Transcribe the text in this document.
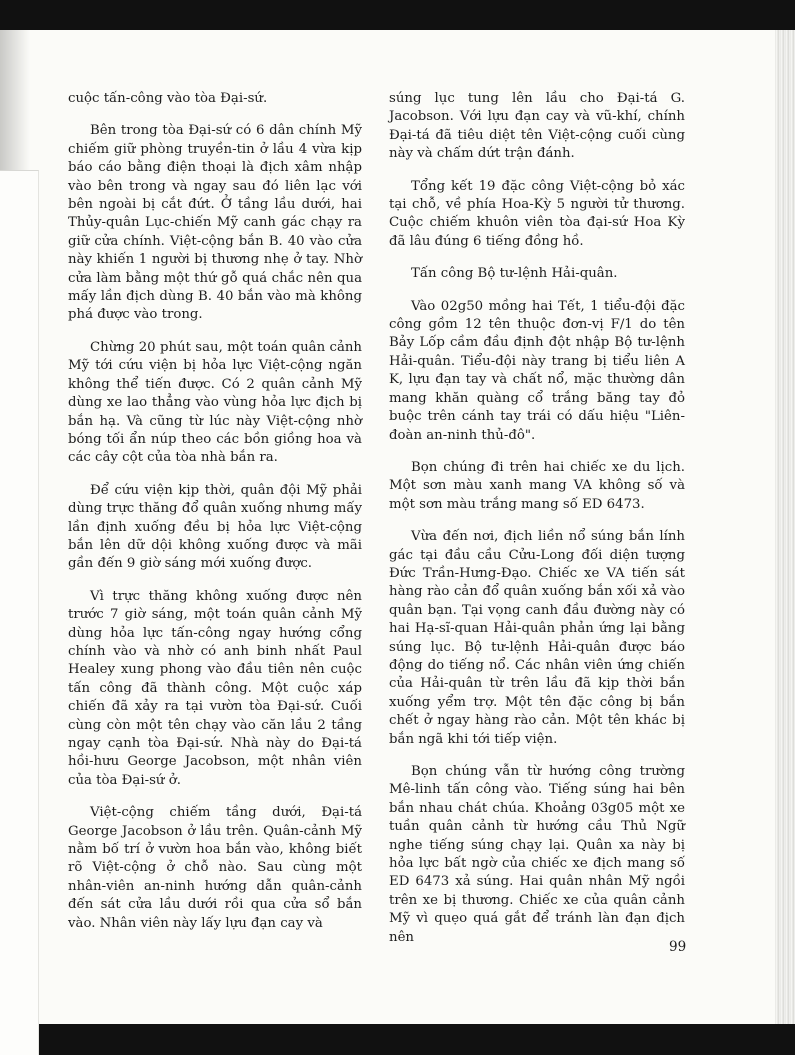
cuộc tấn-công vào tòa Đại-sứ.

Bên trong tòa Đại-sứ có 6 dân chính Mỹ chiếm giữ phòng truyền-tin ở lầu 4 vừa kịp báo cáo bằng điện thoại là địch xâm nhập vào bên trong và ngay sau đó liên lạc với bên ngoài bị cắt đứt. Ở tầng lầu dưới, hai Thủy-quân Lục-chiến Mỹ canh gác chạy ra giữ cửa chính. Việt-cộng bắn B. 40 vào cửa này khiến 1 người bị thương nhẹ ở tay. Nhờ cửa làm bằng một thứ gỗ quá chắc nên qua mấy lần địch dùng B. 40 bắn vào mà không phá được vào trong.

Chừng 20 phút sau, một toán quân cảnh Mỹ tới cứu viện bị hỏa lực Việt-cộng ngăn không thể tiến được. Có 2 quân cảnh Mỹ dùng xe lao thẳng vào vùng hỏa lực địch bị bắn hạ. Và cũng từ lúc này Việt-cộng nhờ bóng tối ẩn núp theo các bồn giồng hoa và các cây cột của tòa nhà bắn ra.

Để cứu viện kịp thời, quân đội Mỹ phải dùng trực thăng đổ quân xuống nhưng mấy lần định xuống đều bị hỏa lực Việt-cộng bắn lên dữ dội không xuống được và mãi gần đến 9 giờ sáng mới xuống được.

Vì trực thăng không xuống được nên trước 7 giờ sáng, một toán quân cảnh Mỹ dùng hỏa lực tấn-công ngay hướng cổng chính vào và nhờ có anh binh nhất Paul Healey xung phong vào đầu tiên nên cuộc tấn công đã thành công. Một cuộc xáp chiến đã xảy ra tại vườn tòa Đại-sứ. Cuối cùng còn một tên chạy vào căn lầu 2 tầng ngay cạnh tòa Đại-sứ. Nhà này do Đại-tá hồi-hưu George Jacobson, một nhân viên của tòa Đại-sứ ở.

Việt-cộng chiếm tầng dưới, Đại-tá George Jacobson ở lầu trên. Quân-cảnh Mỹ nằm bố trí ở vườn hoa bắn vào, không biết rõ Việt-cộng ở chỗ nào. Sau cùng một nhân-viên an-ninh hướng dẫn quân-cảnh đến sát cửa lầu dưới rồi qua cửa sổ bắn vào. Nhân viên này lấy lựu đạn cay và

súng lục tung lên lầu cho Đại-tá G. Jacobson. Với lựu đạn cay và vũ-khí, chính Đại-tá đã tiêu diệt tên Việt-cộng cuối cùng này và chấm dứt trận đánh.

Tổng kết 19 đặc công Việt-cộng bỏ xác tại chỗ, về phía Hoa-Kỳ 5 người tử thương. Cuộc chiếm khuôn viên tòa đại-sứ Hoa Kỳ đã lâu đúng 6 tiếng đồng hồ.

Tấn công Bộ tư-lệnh Hải-quân.

Vào 02g50 mồng hai Tết, 1 tiểu-đội đặc công gồm 12 tên thuộc đơn-vị F/1 do tên Bảy Lốp cầm đầu định đột nhập Bộ tư-lệnh Hải-quân. Tiểu-đội này trang bị tiểu liên A K, lựu đạn tay và chất nổ, mặc thường dân mang khăn quàng cổ trắng băng tay đỏ buộc trên cánh tay trái có dấu hiệu "Liên-đoàn an-ninh thủ-đô".

Bọn chúng đi trên hai chiếc xe du lịch. Một sơn màu xanh mang VA không số và một sơn màu trắng mang số ED 6473.

Vừa đến nơi, địch liền nổ súng bắn lính gác tại đầu cầu Cửu-Long đối diện tượng Đức Trần-Hưng-Đạo. Chiếc xe VA tiến sát hàng rào cản đổ quân xuống bắn xối xả vào quân bạn. Tại vọng canh đầu đường này có hai Hạ-sĩ-quan Hải-quân phản ứng lại bằng súng lục. Bộ tư-lệnh Hải-quân được báo động do tiếng nổ. Các nhân viên ứng chiến của Hải-quân từ trên lầu đã kịp thời bắn xuống yểm trợ. Một tên đặc công bị bắn chết ở ngay hàng rào cản. Một tên khác bị bắn ngã khi tới tiếp viện.

Bọn chúng vẫn từ hướng công trường Mê-linh tấn công vào. Tiếng súng hai bên bắn nhau chát chúa. Khoảng 03g05 một xe tuần quân cảnh từ hướng cầu Thủ Ngữ nghe tiếng súng chạy lại. Quân xa này bị hỏa lực bất ngờ của chiếc xe địch mang số ED 6473 xả súng. Hai quân nhân Mỹ ngồi trên xe bị thương. Chiếc xe của quân cảnh Mỹ vì quẹo quá gắt để tránh làn đạn địch nên

99
